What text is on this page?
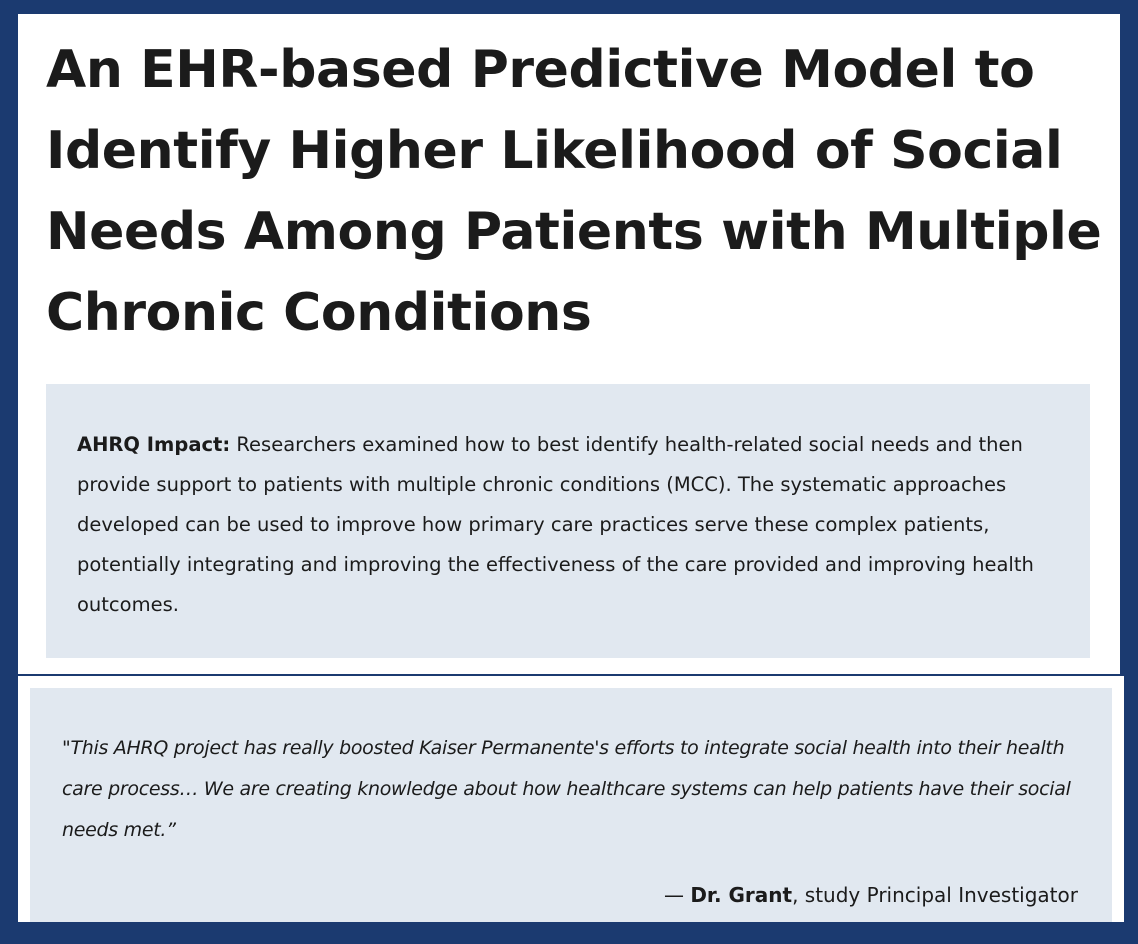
An EHR-based Predictive Model to Identify Higher Likelihood of Social Needs Among Patients with Multiple Chronic Conditions

AHRQ Impact: Researchers examined how to best identify health-related social needs and then provide support to patients with multiple chronic conditions (MCC). The systematic approaches developed can be used to improve how primary care practices serve these complex patients, potentially integrating and improving the effectiveness of the care provided and improving health outcomes.

"This AHRQ project has really boosted Kaiser Permanente's efforts to integrate social health into their health care process… We are creating knowledge about how healthcare systems can help patients have their social needs met.”

— Dr. Grant, study Principal Investigator
